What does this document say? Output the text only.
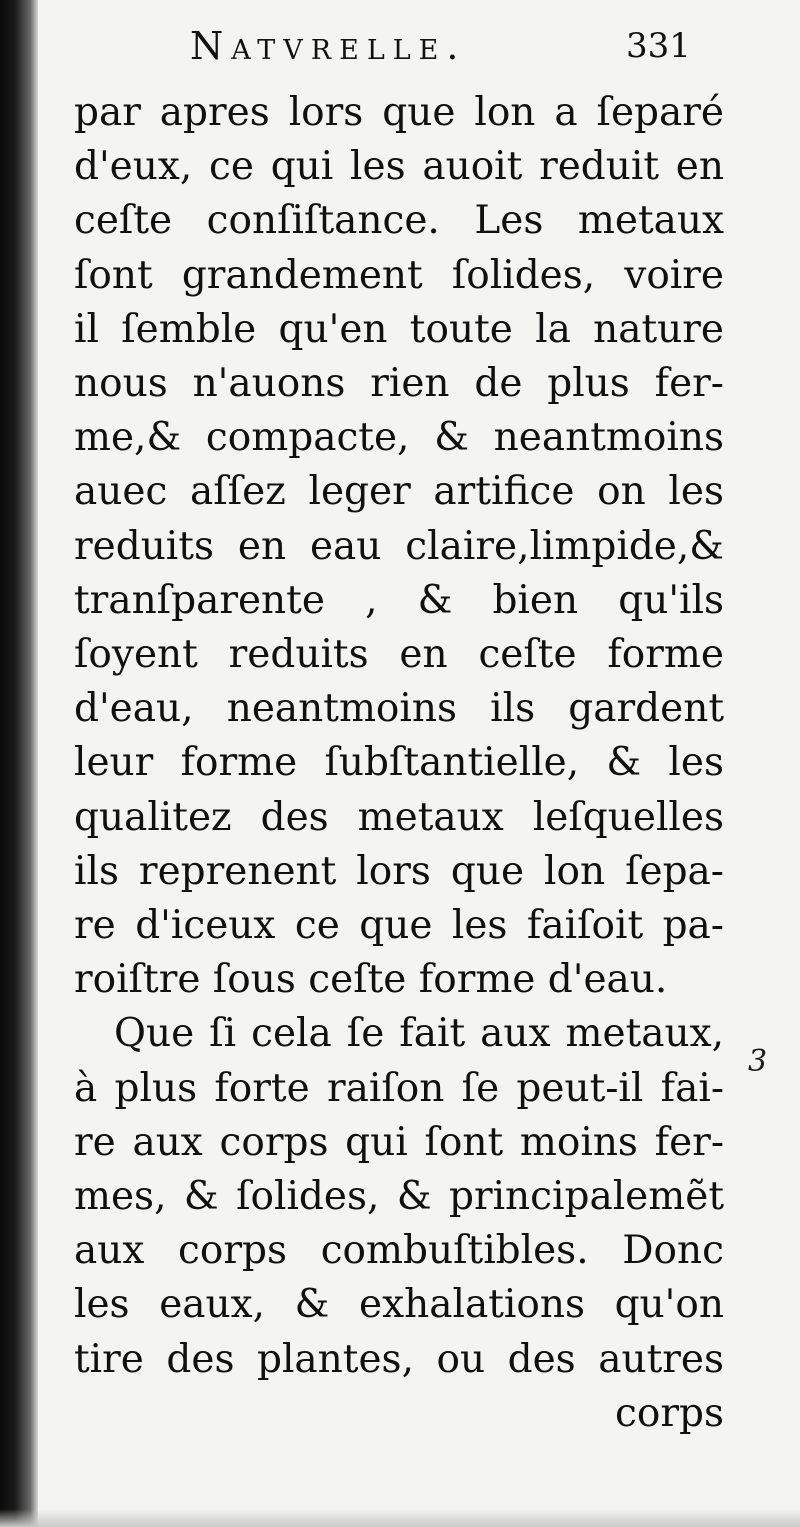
Natvrelle.	331
par apres lors que lon a ſeparé
d'eux, ce qui les auoit reduit en
ceſte conſiſtance. Les metaux
ſont grandement ſolides, voire
il ſemble qu'en toute la nature
nous n'auons rien de plus fer-
me,& compacte, & neantmoins
auec aſſez leger artifice on les
reduits en eau claire,limpide,&
tranſparente , & bien qu'ils
ſoyent reduits en ceſte forme
d'eau, neantmoins ils gardent
leur forme ſubſtantielle, & les
qualitez des metaux leſquelles
ils reprenent lors que lon ſepa-
re d'iceux ce que les faiſoit pa-
roiſtre ſous ceſte forme d'eau.
Que ſi cela ſe fait aux metaux,
à plus forte raiſon ſe peut-il fai-
re aux corps qui ſont moins fer-
mes, & ſolides, & principalemẽt
aux corps combuſtibles. Donc
les eaux, & exhalations qu'on
tire des plantes, ou des autres
corps
3
